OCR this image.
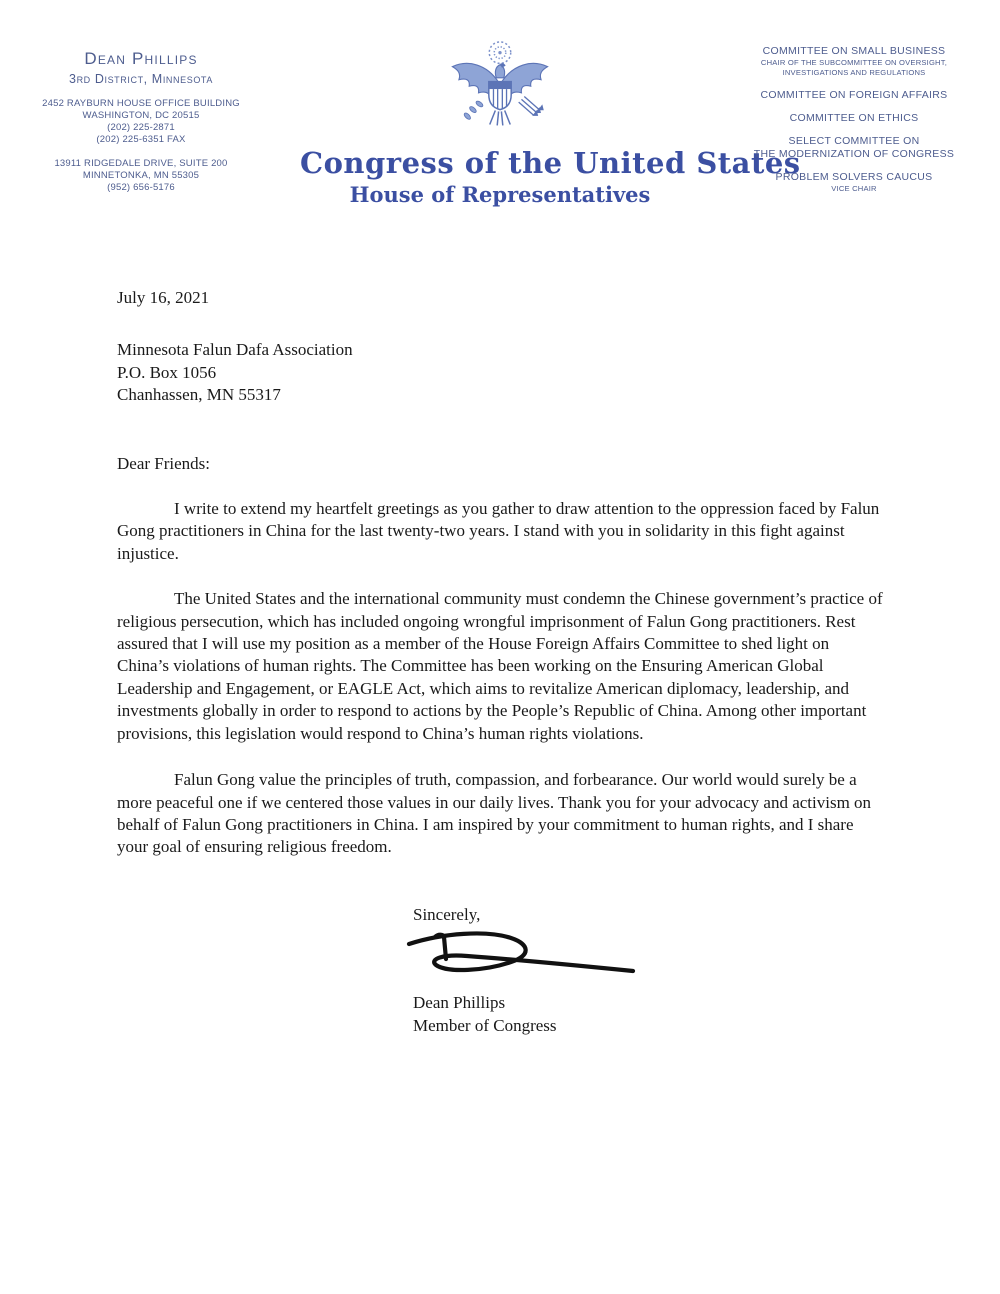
Dean Phillips
3rd District, Minnesota
2452 RAYBURN HOUSE OFFICE BUILDING
WASHINGTON, DC 20515
(202) 225-2871
(202) 225-6351 FAX
13911 RIDGEDALE DRIVE, SUITE 200
MINNETONKA, MN 55305
(952) 656-5176
Congress of the United States
House of Representatives
COMMITTEE ON SMALL BUSINESS
CHAIR OF THE SUBCOMMITTEE ON OVERSIGHT,
INVESTIGATIONS AND REGULATIONS
COMMITTEE ON FOREIGN AFFAIRS
COMMITTEE ON ETHICS
SELECT COMMITTEE ON
THE MODERNIZATION OF CONGRESS
PROBLEM SOLVERS CAUCUS
VICE CHAIR
July 16, 2021
Minnesota Falun Dafa Association
P.O. Box 1056
Chanhassen, MN 55317
Dear Friends:

I write to extend my heartfelt greetings as you gather to draw attention to the oppression faced by Falun Gong practitioners in China for the last twenty-two years. I stand with you in solidarity in this fight against injustice.

The United States and the international community must condemn the Chinese government’s practice of religious persecution, which has included ongoing wrongful imprisonment of Falun Gong practitioners. Rest assured that I will use my position as a member of the House Foreign Affairs Committee to shed light on China’s violations of human rights. The Committee has been working on the Ensuring American Global Leadership and Engagement, or EAGLE Act, which aims to revitalize American diplomacy, leadership, and investments globally in order to respond to actions by the People’s Republic of China. Among other important provisions, this legislation would respond to China’s human rights violations.

Falun Gong value the principles of truth, compassion, and forbearance. Our world would surely be a more peaceful one if we centered those values in our daily lives. Thank you for your advocacy and activism on behalf of Falun Gong practitioners in China. I am inspired by your commitment to human rights, and I share your goal of ensuring religious freedom.

Sincerely,
Dean Phillips
Member of Congress
